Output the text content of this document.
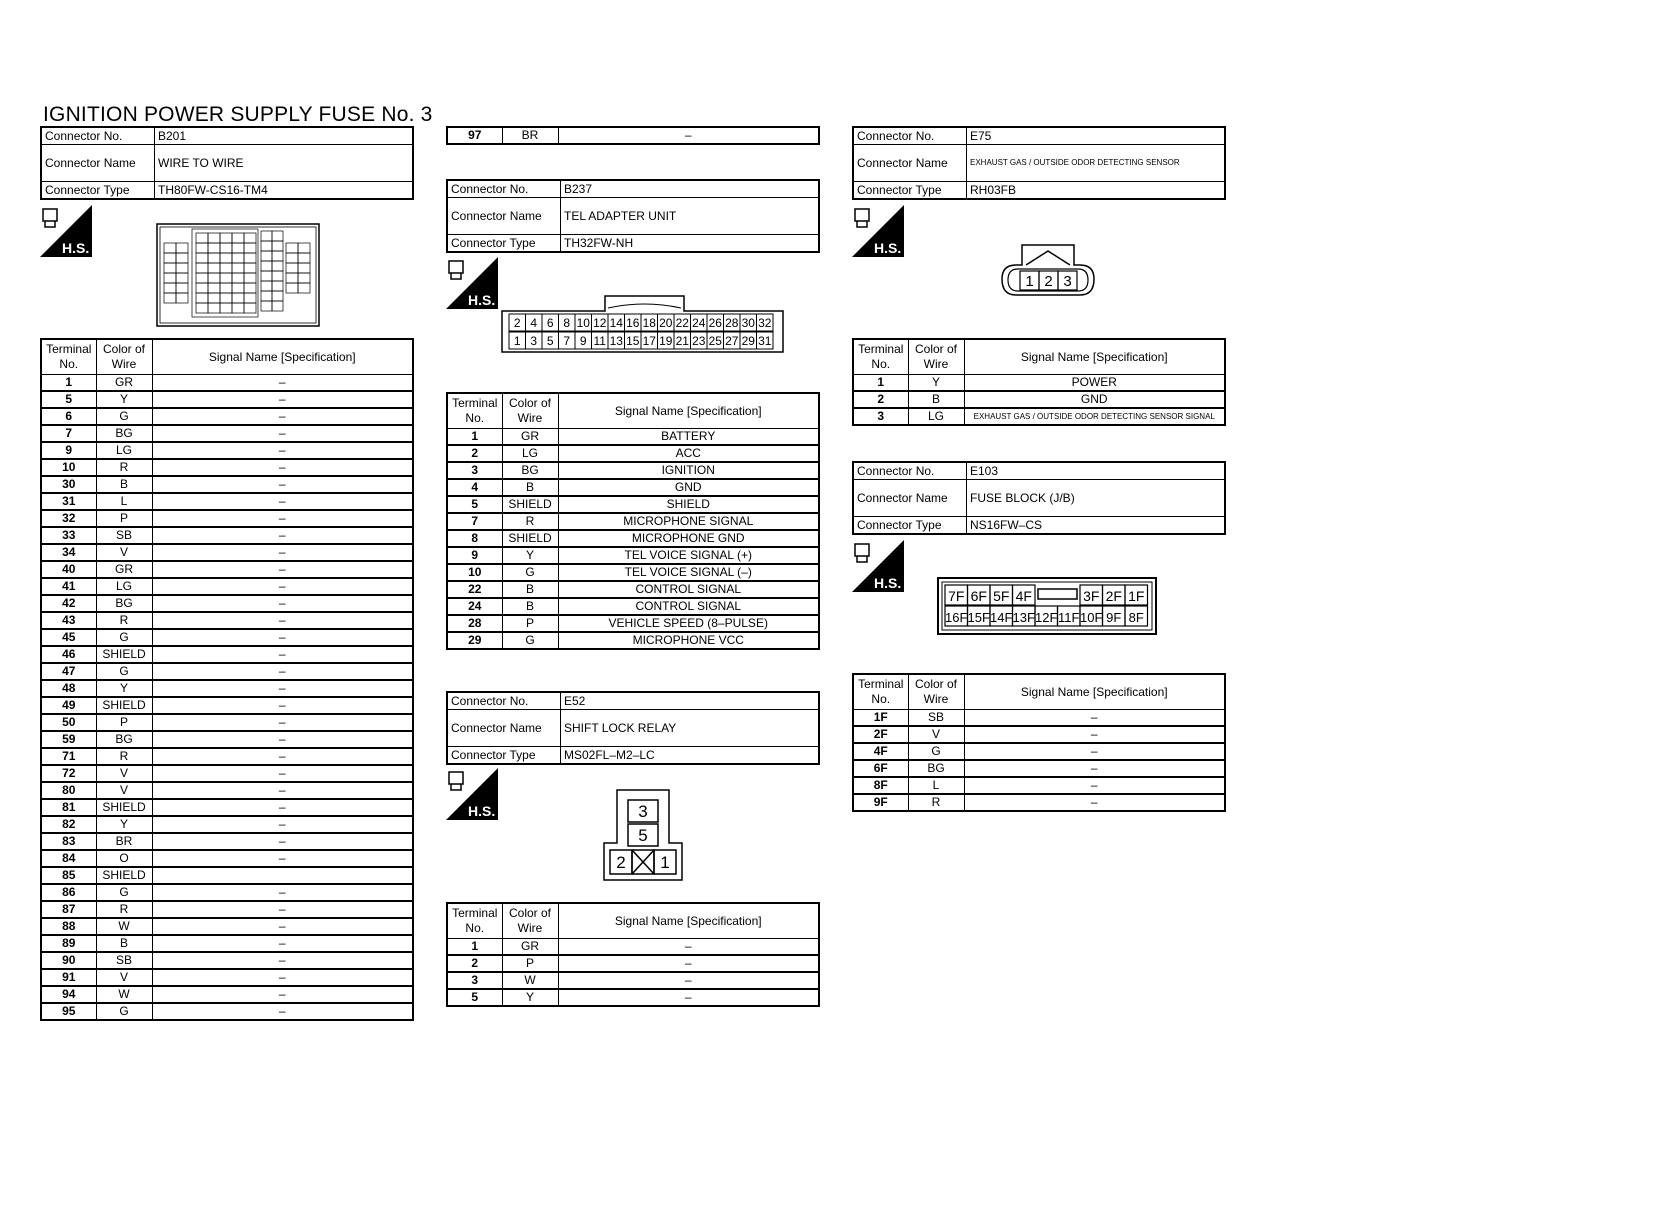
IGNITION POWER SUPPLY FUSE No. 3
Connector No.	B201
Connector Name	WIRE TO WIRE
Connector Type	TH80FW-CS16-TM4
H.S.
Terminal No.	Color of Wire	Signal Name [Specification]
1	GR	–
5	Y	–
6	G	–
7	BG	–
9	LG	–
10	R	–
30	B	–
31	L	–
32	P	–
33	SB	–
34	V	–
40	GR	–
41	LG	–
42	BG	–
43	R	–
45	G	–
46	SHIELD	–
47	G	–
48	Y	–
49	SHIELD	–
50	P	–
59	BG	–
71	R	–
72	V	–
80	V	–
81	SHIELD	–
82	Y	–
83	BR	–
84	O	–
85	SHIELD	
86	G	–
87	R	–
88	W	–
89	B	–
90	SB	–
91	V	–
94	W	–
95	G	–
97	BR	–
Connector No.	B237
Connector Name	TEL ADAPTER UNIT
Connector Type	TH32FW-NH
H.S.
2 4 6 8 10 12 14 16 18 20 22 24 26 28 30 32
1 3 5 7 9 11 13 15 17 19 21 23 25 27 29 31
Terminal No.	Color of Wire	Signal Name [Specification]
1	GR	BATTERY
2	LG	ACC
3	BG	IGNITION
4	B	GND
5	SHIELD	SHIELD
7	R	MICROPHONE SIGNAL
8	SHIELD	MICROPHONE GND
9	Y	TEL VOICE SIGNAL (+)
10	G	TEL VOICE SIGNAL (–)
22	B	CONTROL SIGNAL
24	B	CONTROL SIGNAL
28	P	VEHICLE SPEED (8–PULSE)
29	G	MICROPHONE VCC
Connector No.	E52
Connector Name	SHIFT LOCK RELAY
Connector Type	MS02FL–M2–LC
H.S.	3
5
2 1
Terminal No.	Color of Wire	Signal Name [Specification]
1	GR	–
2	P	–
3	W	–
5	Y	–
Connector No.	E75
Connector Name	EXHAUST GAS / OUTSIDE ODOR DETECTING SENSOR
Connector Type	RH03FB
H.S.
1 2 3
Terminal No.	Color of Wire	Signal Name [Specification]
1	Y	POWER
2	B	GND
3	LG	EXHAUST GAS / OUTSIDE ODOR DETECTING SENSOR SIGNAL
Connector No.	E103
Connector Name	FUSE BLOCK (J/B)
Connector Type	NS16FW–CS
H.S.
7F 6F 5F 4F	3F 2F 1F
16F 15F 14F 13F 12F 11F 10F 9F 8F
Terminal No.	Color of Wire	Signal Name [Specification]
1F	SB	–
2F	V	–
4F	G	–
6F	BG	–
8F	L	–
9F	R	–
